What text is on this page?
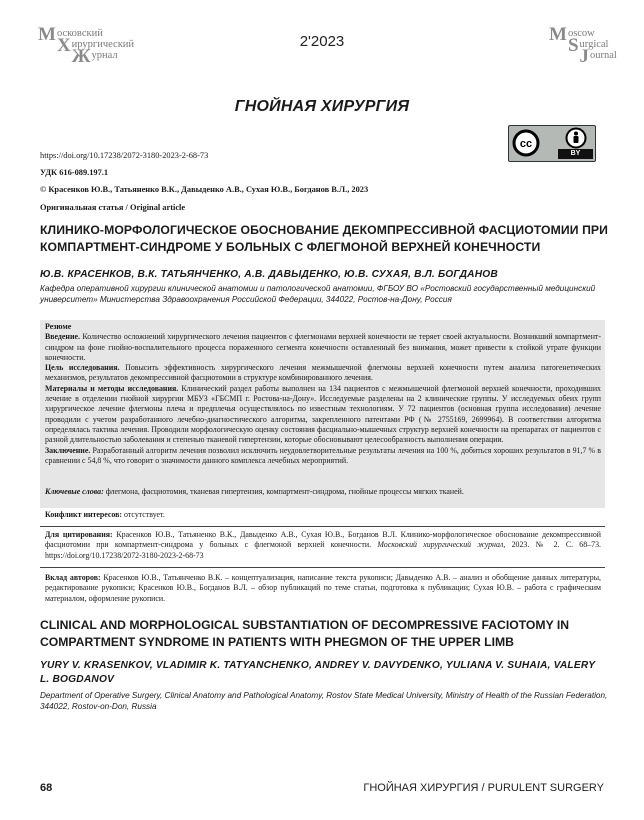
Московский
Хирургический
Журнал
2'2023	Moscow
Surgical
Journal
ГНОЙНАЯ ХИРУРГИЯ
cc
BY
https://doi.org/10.17238/2072-3180-2023-2-68-73
УДК 616-089.197.1
© Красенков Ю.В., Татьяненко В.К., Давыденко А.В., Сухая Ю.В., Богданов В.Л., 2023
Оригинальная статья / Original article
КЛИНИКО-МОРФОЛОГИЧЕСКОЕ ОБОСНОВАНИЕ ДЕКОМПРЕССИВНОЙ ФАСЦИОТОМИИ ПРИ КОМПАРТМЕНТ-СИНДРОМЕ У БОЛЬНЫХ С ФЛЕГМОНОЙ ВЕРХНЕЙ КОНЕЧНОСТИ
Ю.В. КРАСЕНКОВ, В.К. ТАТЬЯНЧЕНКО, А.В. ДАВЫДЕНКО, Ю.В. СУХАЯ, В.Л. БОГДАНОВ
Кафедра оперативной хирургии клинической анатомии и патологической анатомии, ФГБОУ ВО «Ростовский государственный медицинский университет» Министерства Здравоохранения Российской Федерации, 344022, Ростов-на-Дону, Россия

Резюме

Введение. Количество осложнений хирургического лечения пациентов с флегмонами верхней конечности не теряет своей актуальности. Возникший компартмент-синдром на фоне гнойно-воспалительного процесса пораженного сегмента конечности оставленный без внимания, может привести к стойкой утрате функции конечности.

Цель исследования. Повысить эффективность хирургического лечения межмышечной флегмоны верхней конечности путем анализа патогенетических механизмов, результатов декомпрессивной фасциотомии в структуре комбинированного лечения.

Материалы и методы исследования. Клинический раздел работы выполнен на 134 пациентов с межмышечной флегмоной верхней конечности, проходивших лечение в отделении гнойной хирургии МБУЗ «ГБСМП г. Ростова-на-Дону». Исследуемые разделены на 2 клинические группы. У исследуемых обеих групп хирургическое лечение флегмоны плеча и предплечья осуществлялось по известным технологиям. У 72 пациентов (основная группа исследования) лечение проводили с учетом разработанного лечебно-диагностического алгоритма, закрепленного патентами РФ (№ 2755169, 2699964). В соответствии алгоритма определялась тактика лечения. Проводили морфологическую оценку состояния фасциально-мышечных структур верхней конечности на препаратах от пациентов с разной длительностью заболевания и степенью тканевой гипертензии, которые обосновывают целесообразность выполнения операции.

Заключение. Разработанный алгоритм лечения позволил исключить неудовлетворительные результаты лечения на 100 %, добиться хороших результатов в 91,7 % в сравнении с 54,8 %, что говорит о значимости данного комплекса лечебных мероприятий.

Ключевые слова: флегмона, фасциотомия, тканевая гипертензия, компартмент-синдрома, гнойные процессы мягких тканей.
Конфликт интересов: отсутствует.
Для цитирования: Красенков Ю.В., Татьяненко В.К., Давыденко А.В., Сухая Ю.В., Богданов В.Л. Клинико-морфологическое обоснование декомпрессивной фасциотомии при компартмент-синдрома у больных с флегмоной верхней конечности. Московский хирургический журнал, 2023. № 2. С. 68–73. https://doi.org/10.17238/2072-3180-2023-2-68-73
Вклад авторов: Красенков Ю.В., Татьянченко В.К. – концептуализация, написание текста рукописи; Давыденко А.В. – анализ и обобщение данных литературы, редактирование рукописи; Красенков Ю.В., Богданов В.Л. – обзор публикаций по теме статьи, подготовка к публикации; Сухая Ю.В. – работа с графическим материалом, оформление рукописи.
CLINICAL AND MORPHOLOGICAL SUBSTANTIATION OF DECOMPRESSIVE FACIOTOMY IN COMPARTMENT SYNDROME IN PATIENTS WITH PHEGMON OF THE UPPER LIMB
YURY V. KRASENKOV, VLADIMIR K. TATYANCHENKO, ANDREY V. DAVYDENKO, YULIANA V. SUHAIA, VALERY L. BOGDANOV
Department of Operative Surgery, Clinical Anatomy and Pathological Anatomy, Rostov State Medical University, Ministry of Health of the Russian Federation, 344022, Rostov-on-Don, Russia
68	ГНОЙНАЯ ХИРУРГИЯ / PURULENT SURGERY
